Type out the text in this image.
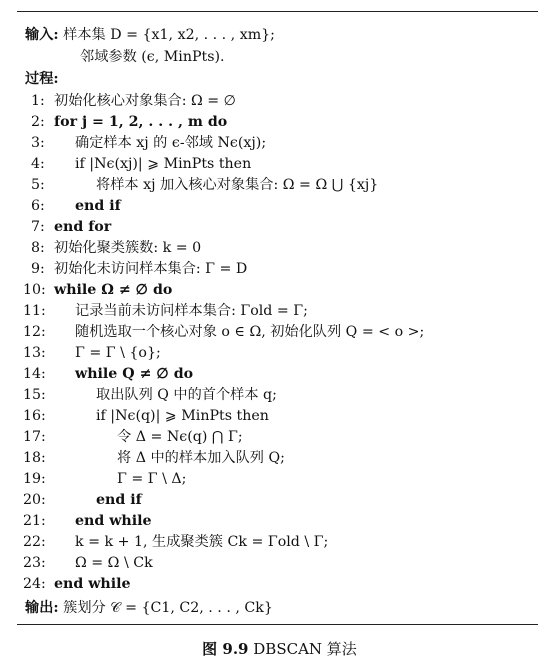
输入: 样本集 D = {x1, x2, . . . , xm};
邻域参数 (ϵ, MinPts).
过程:
1: 初始化核心对象集合: Ω = ∅
2: for j = 1, 2, . . . , m do
3:	确定样本 xj 的 ϵ-邻域 Nϵ(xj);
4:	if |Nϵ(xj)| ⩾ MinPts then
5:	将样本 xj 加入核心对象集合: Ω = Ω ⋃ {xj}
6:	end if
7: end for
8: 初始化聚类簇数: k = 0
9: 初始化未访问样本集合: Γ = D
10: while Ω ≠ ∅ do
11:	记录当前未访问样本集合: Γold = Γ;
12:	随机选取一个核心对象 o ∈ Ω, 初始化队列 Q = < o >;
13:	Γ = Γ \ {o};
14:	while Q ≠ ∅ do
15:	取出队列 Q 中的首个样本 q;
16:	if |Nϵ(q)| ⩾ MinPts then
17:	令 Δ = Nϵ(q) ⋂ Γ;
18:	将 Δ 中的样本加入队列 Q;
19:	Γ = Γ \ Δ;
20:	end if
21:	end while
22:	k = k + 1, 生成聚类簇 Ck = Γold \ Γ;
23:	Ω = Ω \ Ck
24: end while
输出: 簇划分 𝒞 = {C1, C2, . . . , Ck}
图 9.9 DBSCAN 算法
